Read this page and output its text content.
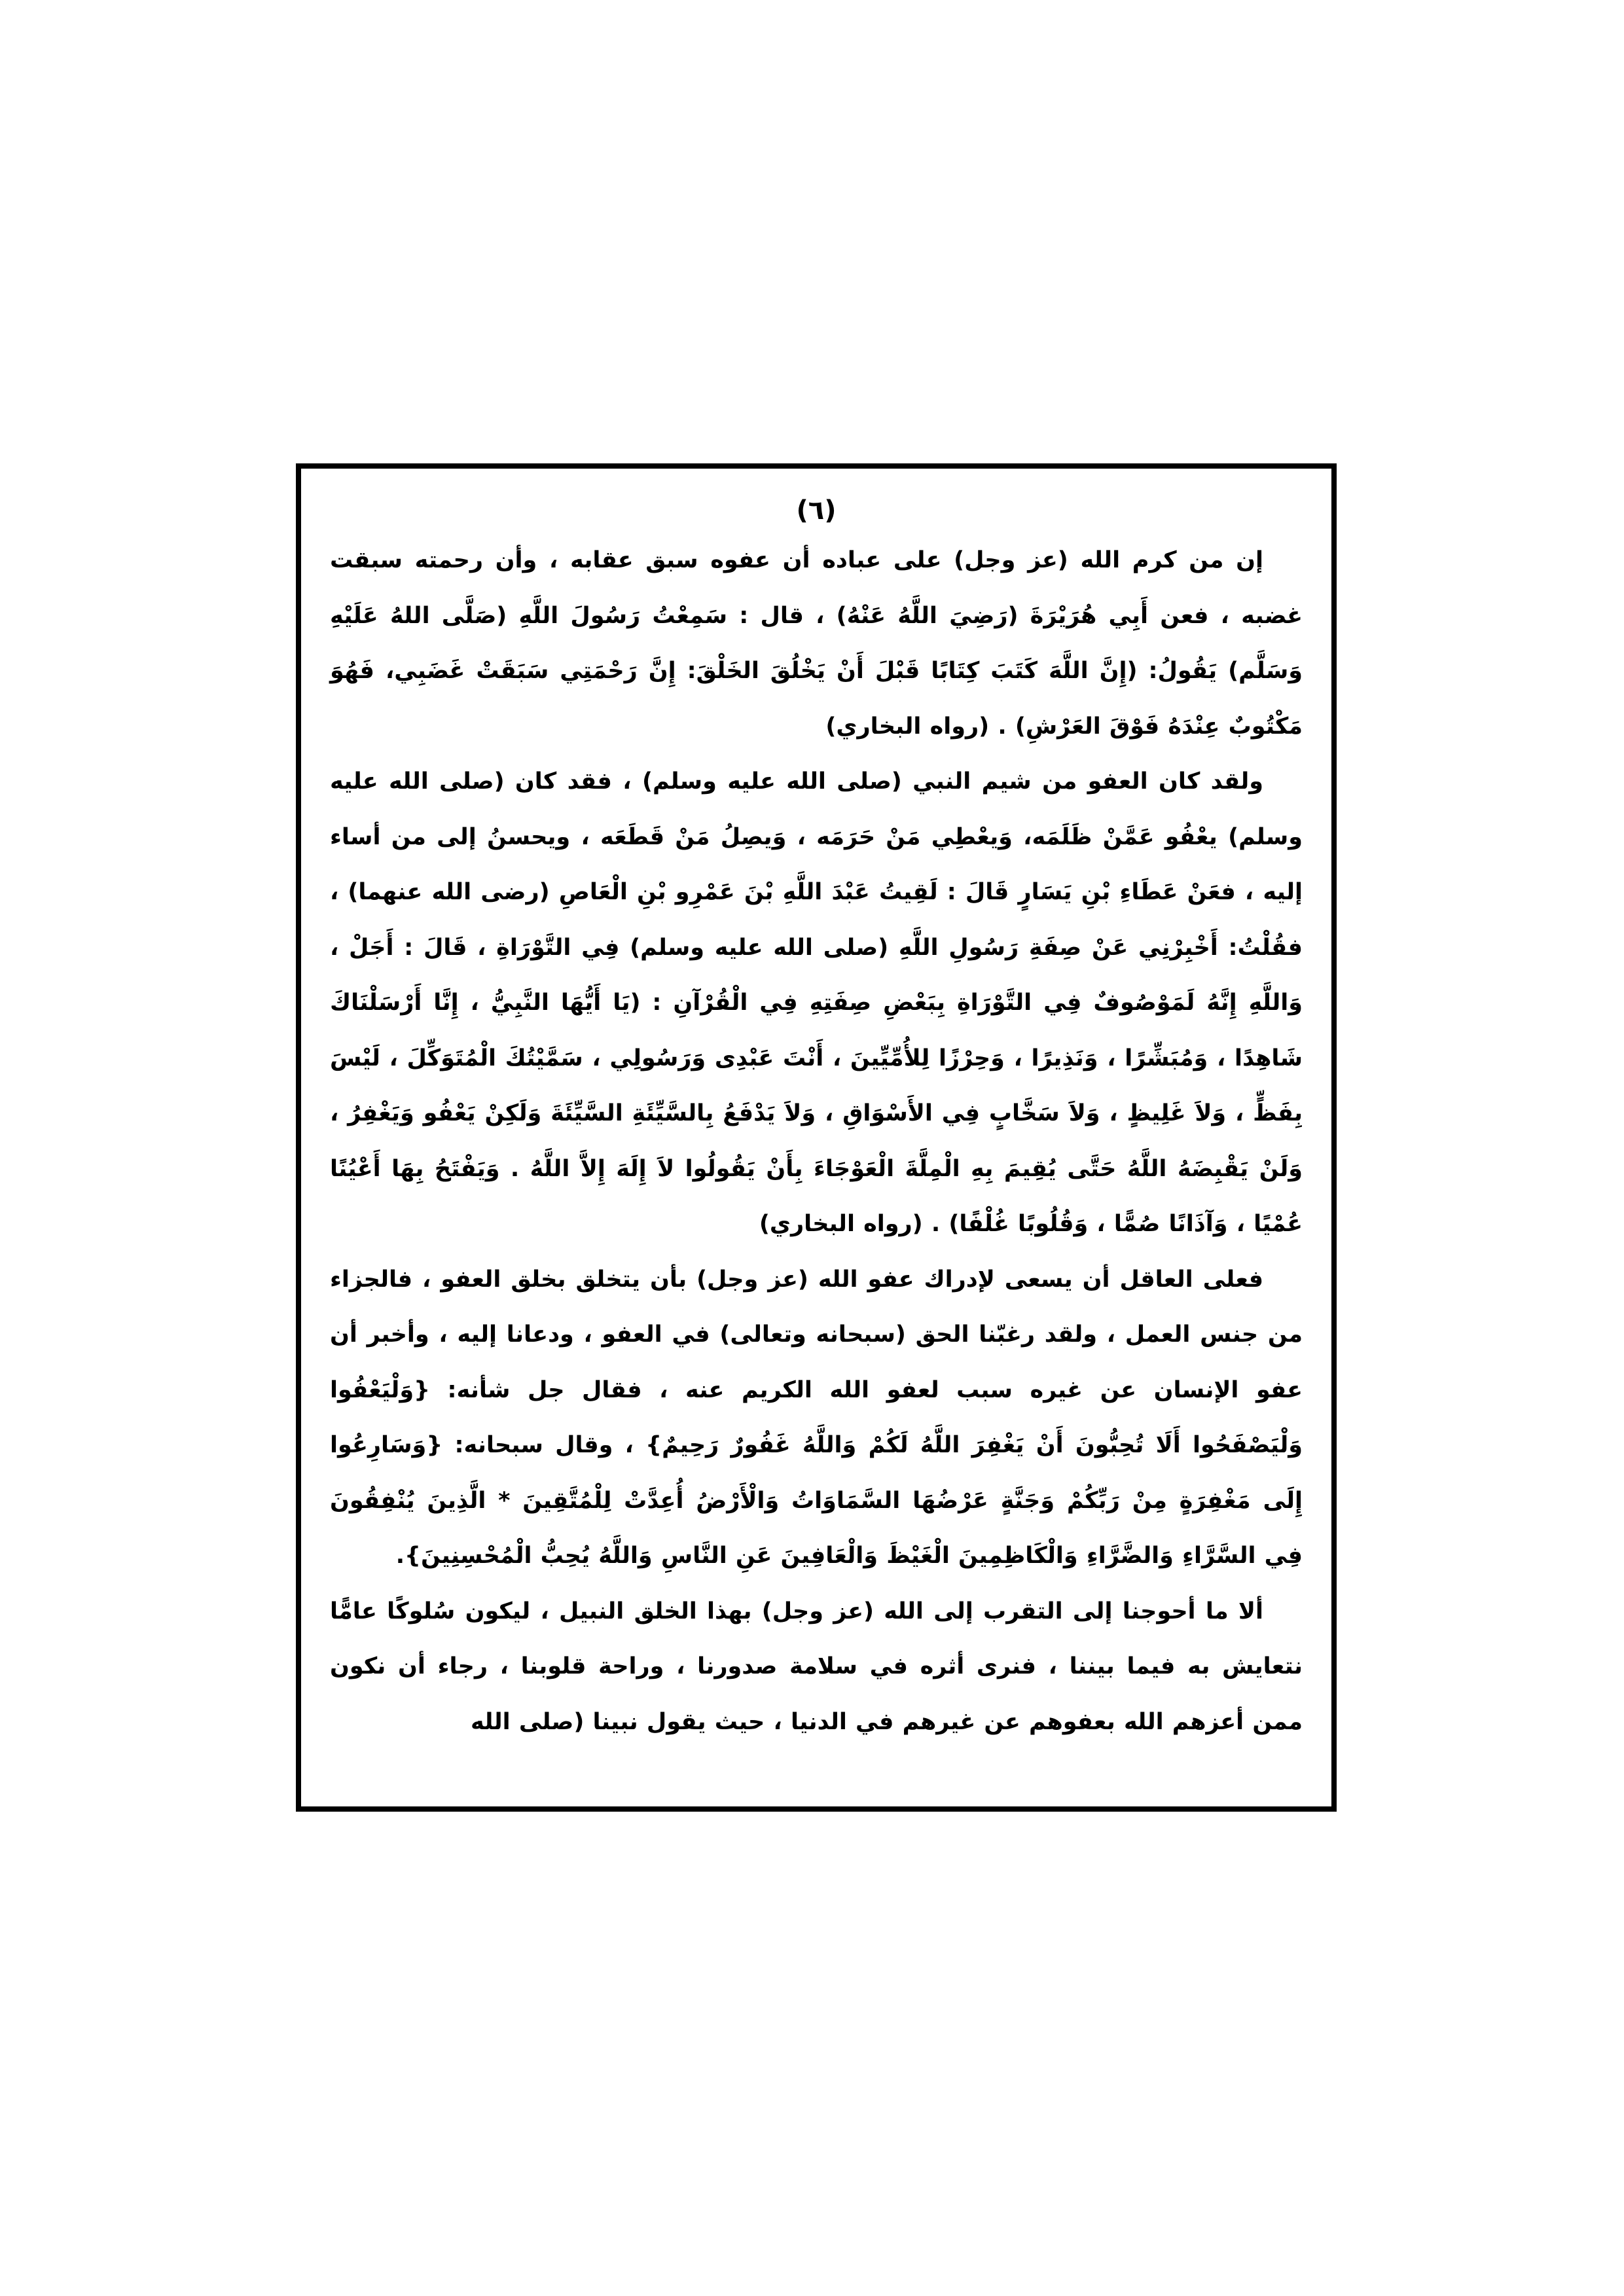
(٦)

إن من كرم الله (عز وجل) على عباده أن عفوه سبق عقابه ، وأن رحمته سبقت غضبه ، فعن أَبِي هُرَيْرَةَ (رَضِيَ اللَّهُ عَنْهُ) ، قال : سَمِعْتُ رَسُولَ اللَّهِ (صَلَّى اللهُ عَلَيْهِ وَسَلَّم) يَقُولُ: (إِنَّ اللَّهَ كَتَبَ كِتَابًا قَبْلَ أَنْ يَخْلُقَ الخَلْقَ: إِنَّ رَحْمَتِي سَبَقَتْ غَضَبِي، فَهُوَ مَكْتُوبٌ عِنْدَهُ فَوْقَ العَرْشِ) . (رواه البخاري)

ولقد كان العفو من شيم النبي (صلى الله عليه وسلم) ، فقد كان (صلى الله عليه وسلم) يعْفُو عَمَّنْ ظَلَمَه، وَيعْطِي مَنْ حَرَمَه ، وَيصِلُ مَنْ قَطَعَه ، ويحسنُ إلى من أساء إليه ، فعَنْ عَطَاءِ بْنِ يَسَارٍ قَالَ : لَقِيتُ عَبْدَ اللَّهِ بْنَ عَمْرِو بْنِ الْعَاصِ (رضى الله عنهما) ، فقُلْتُ: أَخْبِرْنِي عَنْ صِفَةِ رَسُولِ اللَّهِ (صلى الله عليه وسلم) فِي التَّوْرَاةِ ، قَالَ : أَجَلْ ، وَاللَّهِ إِنَّهُ لَمَوْصُوفٌ فِي التَّوْرَاةِ بِبَعْضِ صِفَتِهِ فِي الْقُرْآنِ : (يَا أَيُّهَا النَّبِيُّ ، إِنَّا أَرْسَلْنَاكَ شَاهِدًا ، وَمُبَشِّرًا ، وَنَذِيرًا ، وَحِرْزًا لِلأُمِّيِّينَ ، أَنْتَ عَبْدِى وَرَسُولِي ، سَمَّيْتُكَ الْمُتَوَكِّلَ ، لَيْسَ بِفَظٍّ ، وَلاَ غَلِيظٍ ، وَلاَ سَخَّابٍ فِي الأَسْوَاقِ ، وَلاَ يَدْفَعُ بِالسَّيِّئَةِ السَّيِّئَةَ وَلَكِنْ يَعْفُو وَيَغْفِرُ ، وَلَنْ يَقْبِضَهُ اللَّهُ حَتَّى يُقِيمَ بِهِ الْمِلَّةَ الْعَوْجَاءَ بِأَنْ يَقُولُوا لاَ إِلَهَ إِلاَّ اللَّهُ . وَيَفْتَحُ بِهَا أَعْيُنًا عُمْيًا ، وَآذَانًا صُمًّا ، وَقُلُوبًا غُلْفًا) . (رواه البخاري)

فعلى العاقل أن يسعى لإدراك عفو الله (عز وجل) بأن يتخلق بخلق العفو ، فالجزاء من جنس العمل ، ولقد رغبّنا الحق (سبحانه وتعالى) في العفو ، ودعانا إليه ، وأخبر أن عفو الإنسان عن غيره سبب لعفو الله الكريم عنه ، فقال جل شأنه: {وَلْيَعْفُوا وَلْيَصْفَحُوا أَلَا تُحِبُّونَ أَنْ يَغْفِرَ اللَّهُ لَكُمْ وَاللَّهُ غَفُورٌ رَحِيمٌ} ، وقال سبحانه: {وَسَارِعُوا إِلَى مَغْفِرَةٍ مِنْ رَبِّكُمْ وَجَنَّةٍ عَرْضُهَا السَّمَاوَاتُ وَالْأَرْضُ أُعِدَّتْ لِلْمُتَّقِينَ * الَّذِينَ يُنْفِقُونَ فِي السَّرَّاءِ وَالضَّرَّاءِ وَالْكَاظِمِينَ الْغَيْظَ وَالْعَافِينَ عَنِ النَّاسِ وَاللَّهُ يُحِبُّ الْمُحْسِنِينَ}.

ألا ما أحوجنا إلى التقرب إلى الله (عز وجل) بهذا الخلق النبيل ، ليكون سُلوكًا عامًّا نتعايش به فيما بيننا ، فنرى أثره في سلامة صدورنا ، وراحة قلوبنا ، رجاء أن نكون ممن أعزهم الله بعفوهم عن غيرهم في الدنيا ، حيث يقول نبينا (صلى الله
